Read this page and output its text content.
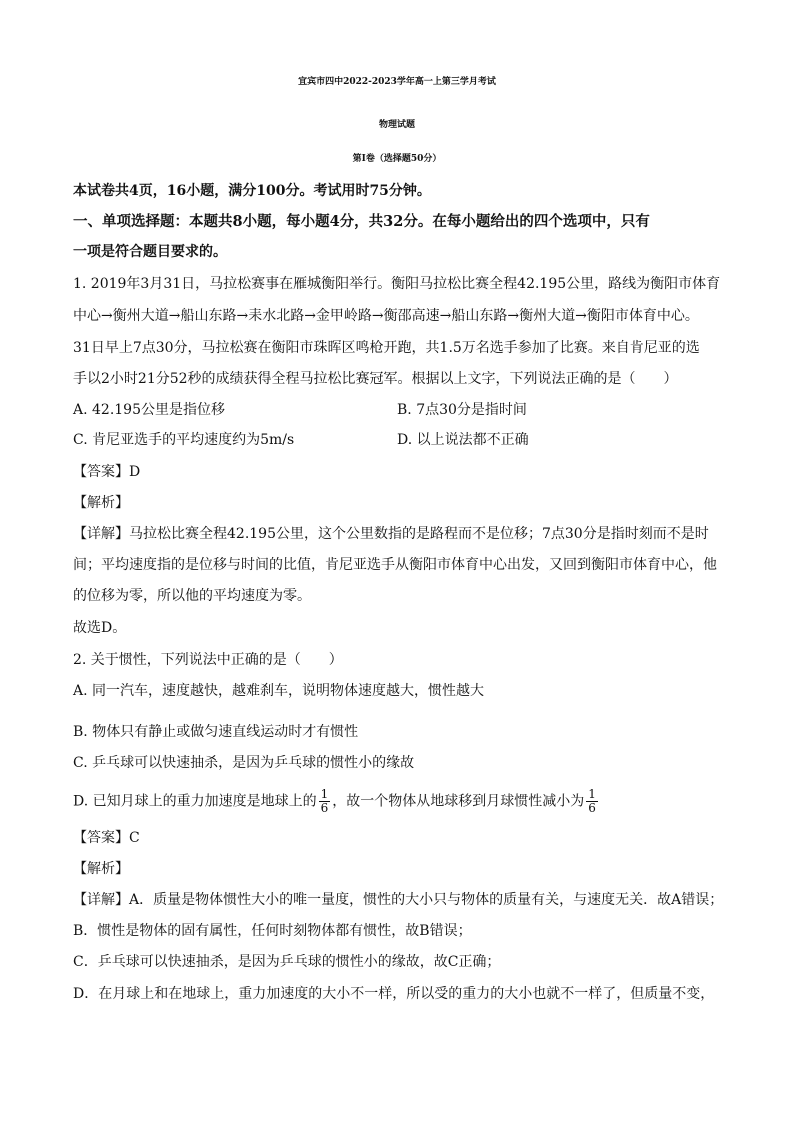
宜宾市四中2022-2023学年高一上第三学月考试
物理试题
第I卷（选择题50分）
本试卷共4页，16小题，满分100分。考试用时75分钟。
一、单项选择题：本题共8小题，每小题4分，共32分。在每小题给出的四个选项中，只有
一项是符合题目要求的。
1. 2019年3月31日，马拉松赛事在雁城衡阳举行。衡阳马拉松比赛全程42.195公里，路线为衡阳市体育
中心→衡州大道→船山东路→耒水北路→金甲岭路→衡邵高速→船山东路→衡州大道→衡阳市体育中心。
31日早上7点30分，马拉松赛在衡阳市珠晖区鸣枪开跑，共1.5万名选手参加了比赛。来自肯尼亚的选
手以2小时21分52秒的成绩获得全程马拉松比赛冠军。根据以上文字，下列说法正确的是（　　）
A. 42.195公里是指位移	B. 7点30分是指时间
C. 肯尼亚选手的平均速度约为5m/s	D. 以上说法都不正确
【答案】D
【解析】
【详解】马拉松比赛全程42.195公里，这个公里数指的是路程而不是位移；7点30分是指时刻而不是时
间；平均速度指的是位移与时间的比值，肯尼亚选手从衡阳市体育中心出发，又回到衡阳市体育中心，他
的位移为零，所以他的平均速度为零。
故选D。
2. 关于惯性，下列说法中正确的是（　　）
A. 同一汽车，速度越快，越难刹车，说明物体速度越大，惯性越大
B. 物体只有静止或做匀速直线运动时才有惯性
C. 乒乓球可以快速抽杀，是因为乒乓球的惯性小的缘故
D. 已知月球上的重力加速度是地球上的 $\frac{1}{6}$ ，故一个物体从地球移到月球惯性减小为 $\frac{1}{6}$
【答案】C
【解析】
【详解】A．质量是物体惯性大小的唯一量度，惯性的大小只与物体的质量有关，与速度无关．故A错误；
B．惯性是物体的固有属性，任何时刻物体都有惯性，故B错误；
C．乒乓球可以快速抽杀，是因为乒乓球的惯性小的缘故，故C正确；
D．在月球上和在地球上，重力加速度的大小不一样，所以受的重力的大小也就不一样了，但质量不变，
